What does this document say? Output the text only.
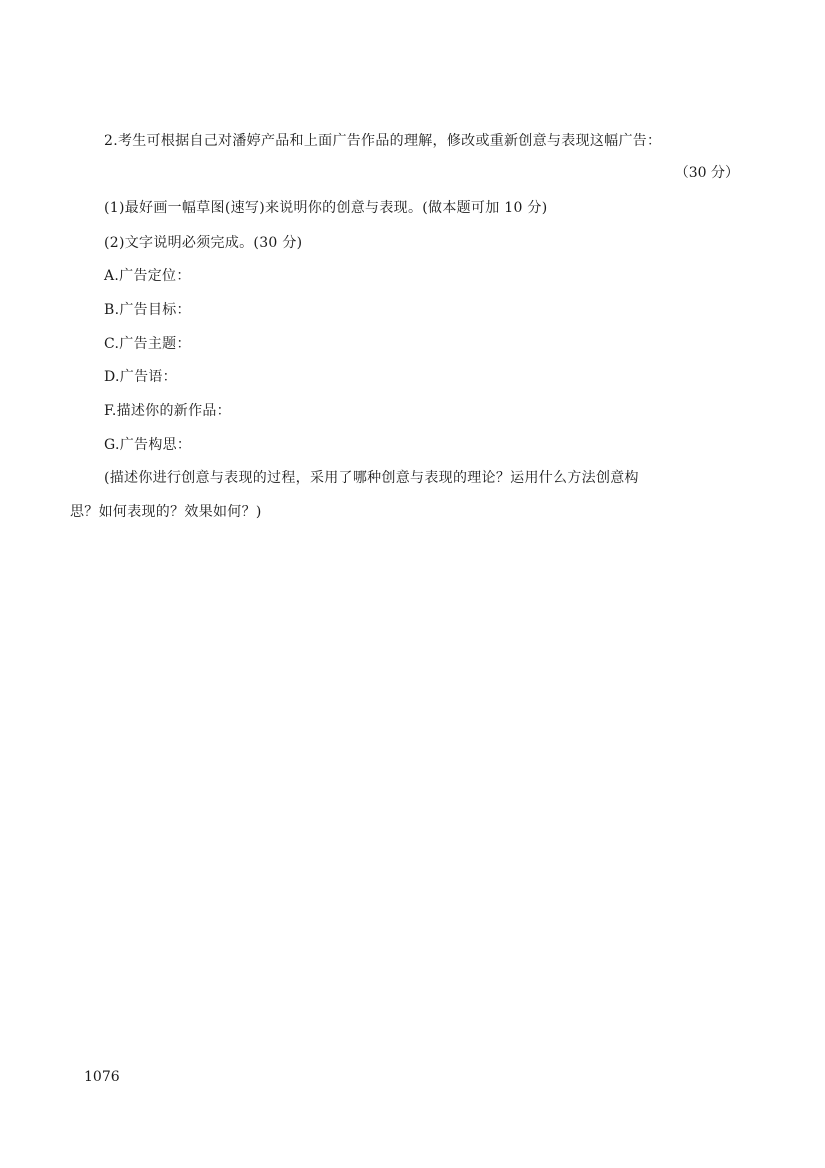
2.考生可根据自己对潘婷产品和上面广告作品的理解，修改或重新创意与表现这幅广告：
（30 分）
(1)最好画一幅草图(速写)来说明你的创意与表现。(做本题可加 10 分)
(2)文字说明必须完成。(30 分)
A.广告定位：
B.广告目标：
C.广告主题：
D.广告语：
F.描述你的新作品：
G.广告构思：
(描述你进行创意与表现的过程，采用了哪种创意与表现的理论？运用什么方法创意构
思？如何表现的？效果如何？)
1076
